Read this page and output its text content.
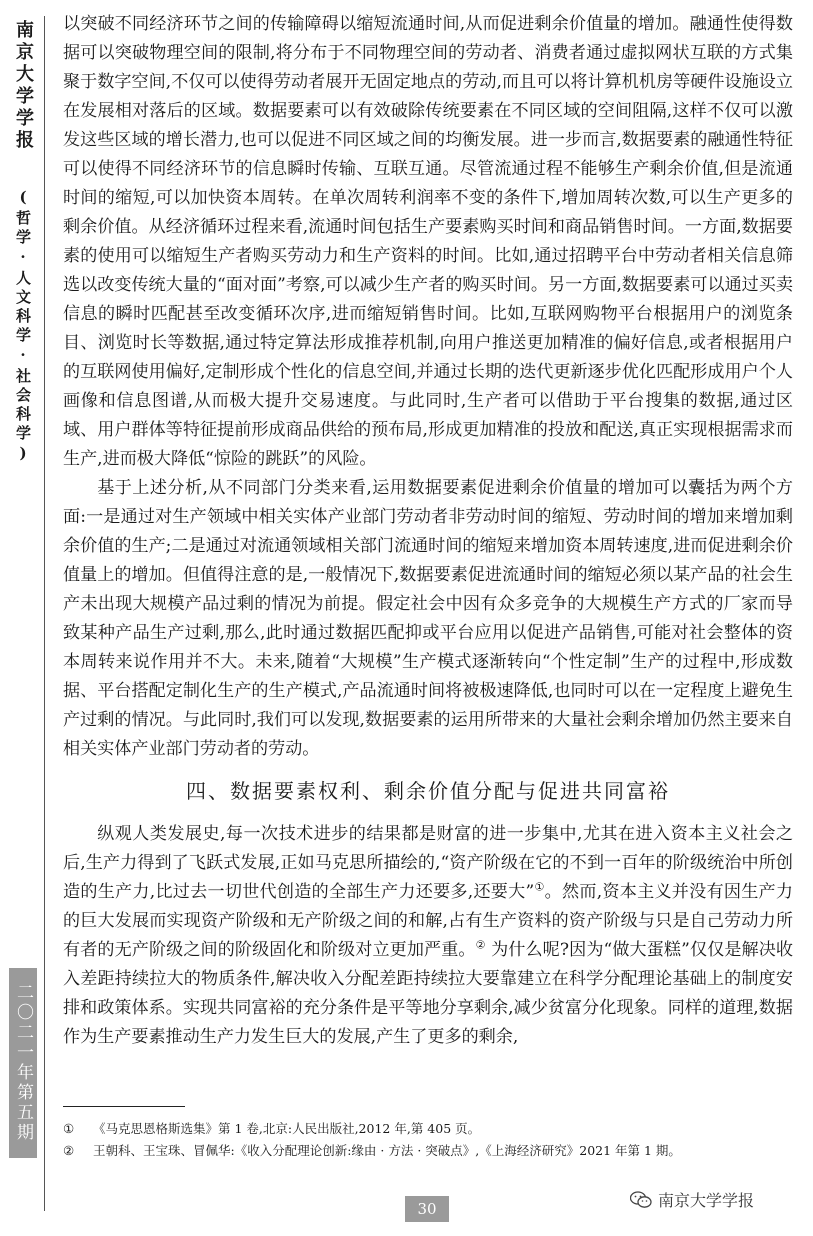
南京大学学报
(哲学·人文科学·社会科学)
二〇二一年第五期

以突破不同经济环节之间的传输障碍以缩短流通时间,从而促进剩余价值量的增加。融通性使得数据可以突破物理空间的限制,将分布于不同物理空间的劳动者、消费者通过虚拟网状互联的方式集聚于数字空间,不仅可以使得劳动者展开无固定地点的劳动,而且可以将计算机机房等硬件设施设立在发展相对落后的区域。数据要素可以有效破除传统要素在不同区域的空间阻隔,这样不仅可以激发这些区域的增长潜力,也可以促进不同区域之间的均衡发展。进一步而言,数据要素的融通性特征可以使得不同经济环节的信息瞬时传输、互联互通。尽管流通过程不能够生产剩余价值,但是流通时间的缩短,可以加快资本周转。在单次周转利润率不变的条件下,增加周转次数,可以生产更多的剩余价值。从经济循环过程来看,流通时间包括生产要素购买时间和商品销售时间。一方面,数据要素的使用可以缩短生产者购买劳动力和生产资料的时间。比如,通过招聘平台中劳动者相关信息筛选以改变传统大量的“面对面”考察,可以减少生产者的购买时间。另一方面,数据要素可以通过买卖信息的瞬时匹配甚至改变循环次序,进而缩短销售时间。比如,互联网购物平台根据用户的浏览条目、浏览时长等数据,通过特定算法形成推荐机制,向用户推送更加精准的偏好信息,或者根据用户的互联网使用偏好,定制形成个性化的信息空间,并通过长期的迭代更新逐步优化匹配形成用户个人画像和信息图谱,从而极大提升交易速度。与此同时,生产者可以借助于平台搜集的数据,通过区域、用户群体等特征提前形成商品供给的预布局,形成更加精准的投放和配送,真正实现根据需求而生产,进而极大降低“惊险的跳跃”的风险。

基于上述分析,从不同部门分类来看,运用数据要素促进剩余价值量的增加可以囊括为两个方面:一是通过对生产领域中相关实体产业部门劳动者非劳动时间的缩短、劳动时间的增加来增加剩余价值的生产;二是通过对流通领域相关部门流通时间的缩短来增加资本周转速度,进而促进剩余价值量上的增加。但值得注意的是,一般情况下,数据要素促进流通时间的缩短必须以某产品的社会生产未出现大规模产品过剩的情况为前提。假定社会中因有众多竞争的大规模生产方式的厂家而导致某种产品生产过剩,那么,此时通过数据匹配抑或平台应用以促进产品销售,可能对社会整体的资本周转来说作用并不大。未来,随着“大规模”生产模式逐渐转向“个性定制”生产的过程中,形成数据、平台搭配定制化生产的生产模式,产品流通时间将被极速降低,也同时可以在一定程度上避免生产过剩的情况。与此同时,我们可以发现,数据要素的运用所带来的大量社会剩余增加仍然主要来自相关实体产业部门劳动者的劳动。

四、数据要素权利、剩余价值分配与促进共同富裕

纵观人类发展史,每一次技术进步的结果都是财富的进一步集中,尤其在进入资本主义社会之后,生产力得到了飞跃式发展,正如马克思所描绘的,“资产阶级在它的不到一百年的阶级统治中所创造的生产力,比过去一切世代创造的全部生产力还要多,还要大”①。然而,资本主义并没有因生产力的巨大发展而实现资产阶级和无产阶级之间的和解,占有生产资料的资产阶级与只是自己劳动力所有者的无产阶级之间的阶级固化和阶级对立更加严重。② 为什么呢?因为“做大蛋糕”仅仅是解决收入差距持续拉大的物质条件,解决收入分配差距持续拉大要靠建立在科学分配理论基础上的制度安排和政策体系。实现共同富裕的充分条件是平等地分享剩余,减少贫富分化现象。同样的道理,数据作为生产要素推动生产力发生巨大的发展,产生了更多的剩余,

①	《马克思恩格斯选集》第 1 卷,北京:人民出版社,2012 年,第 405 页。
②	王朝科、王宝珠、冒佩华:《收入分配理论创新:缘由 · 方法 · 突破点》,《上海经济研究》2021 年第 1 期。
30	南京大学学报
